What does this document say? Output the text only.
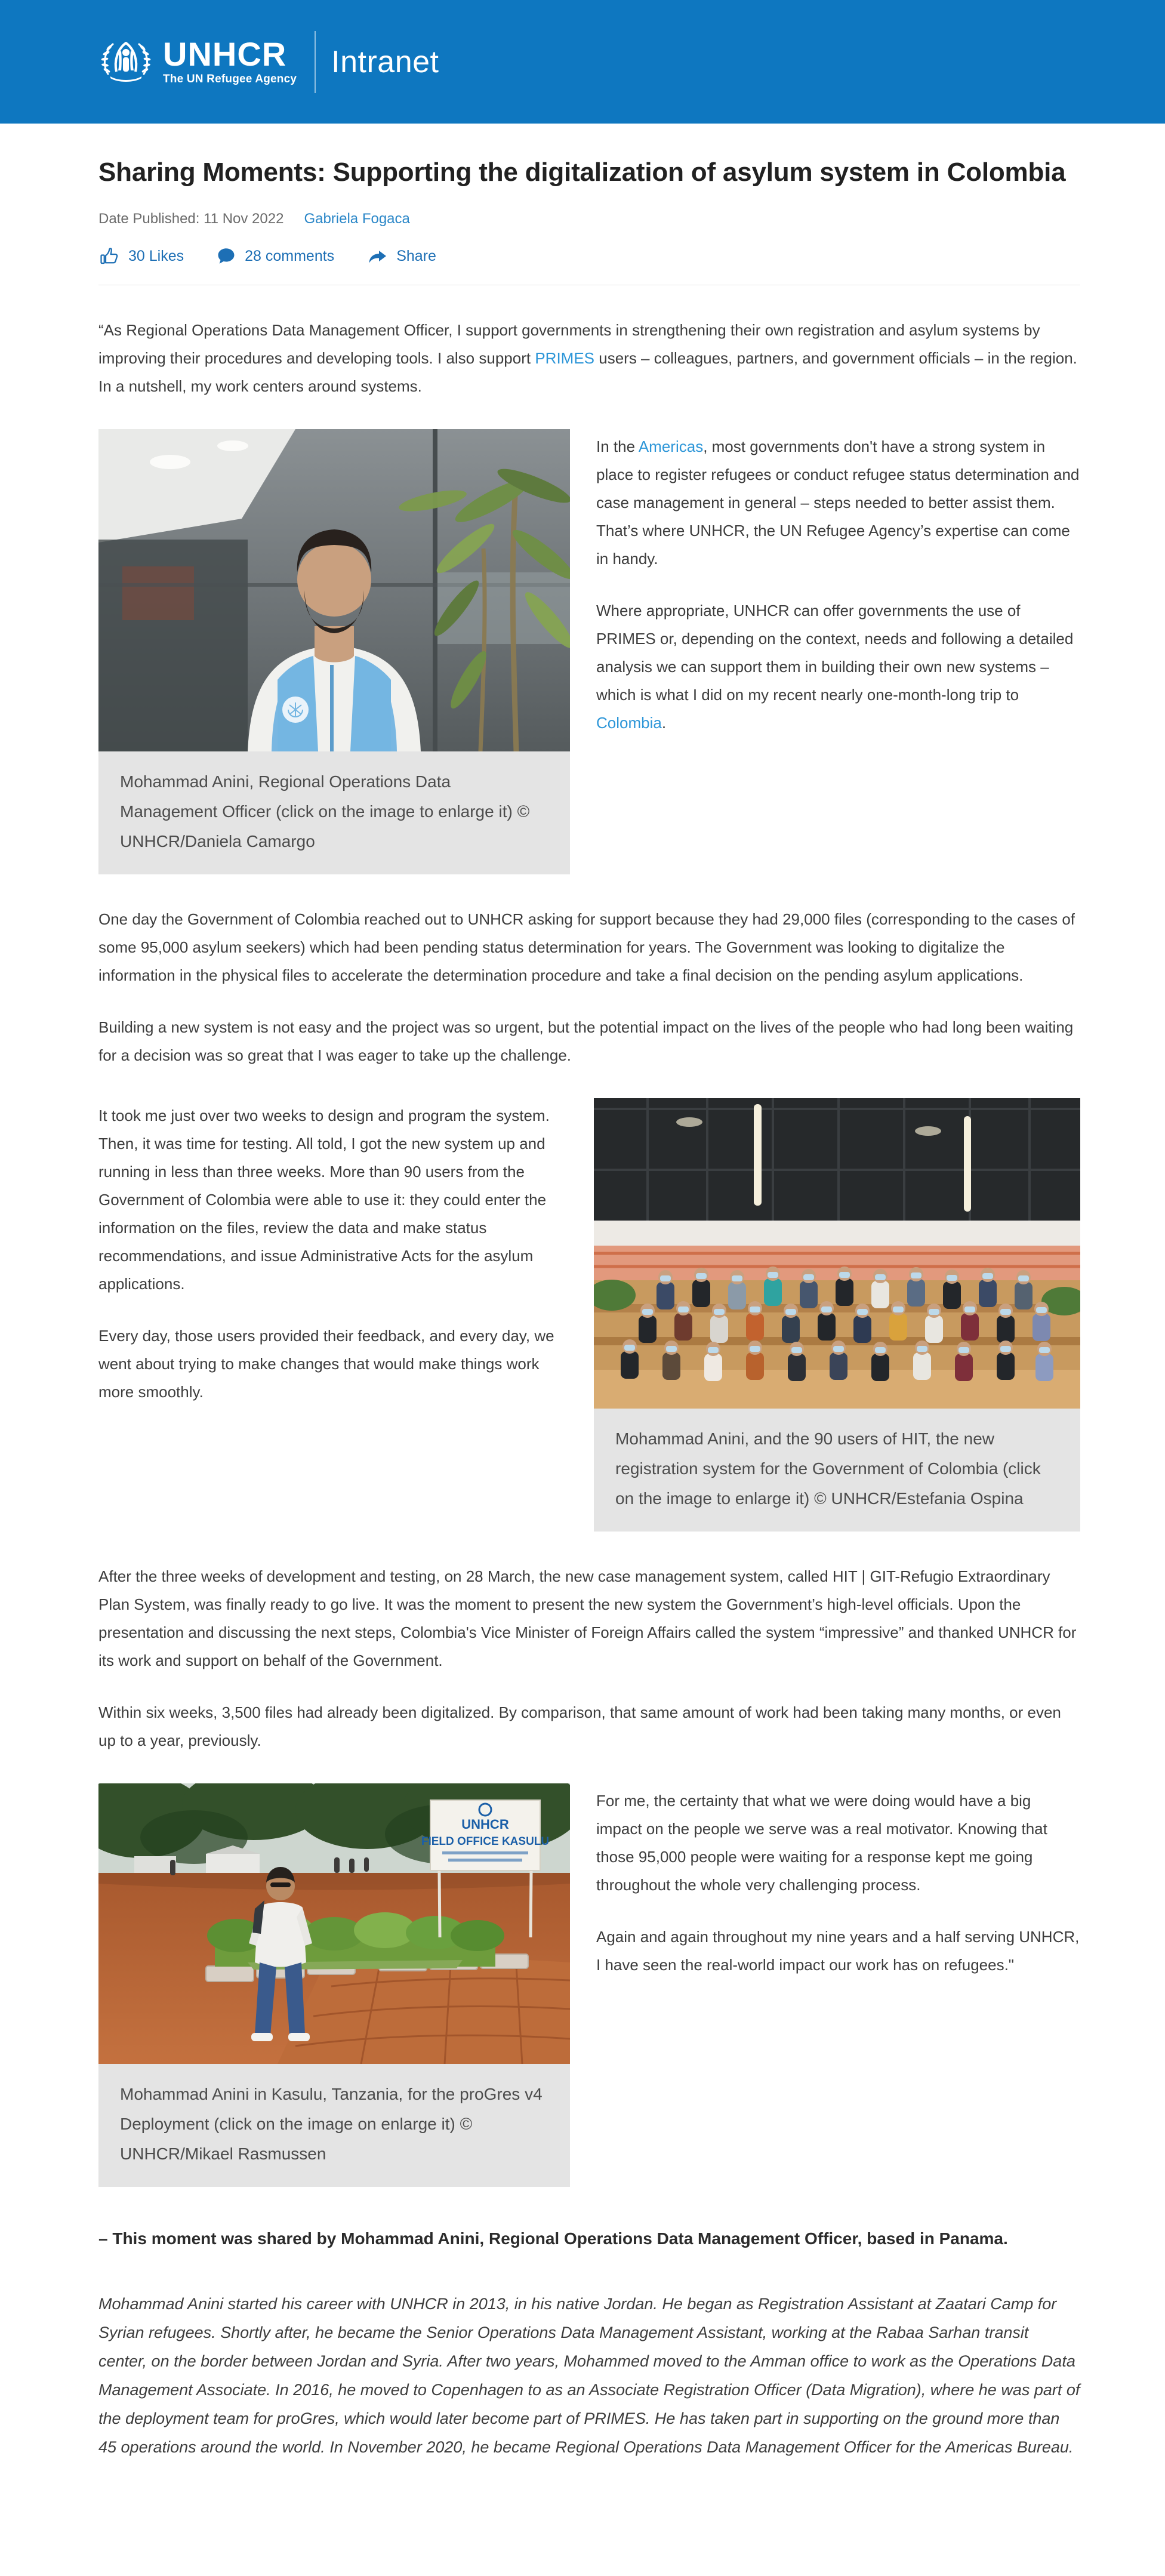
UNHCR
The UN Refugee Agency Intranet
Sharing Moments: Supporting the digitalization of asylum system in Colombia
Date Published: 11 Nov 2022 Gabriela Fogaca
30 Likes	28 comments	Share

“As Regional Operations Data Management Officer, I support governments in strengthening their own registration and asylum systems by improving their procedures and developing tools. I also support PRIMES users – colleagues, partners, and government officials – in the region. In a nutshell, my work centers around systems.

Mohammad Anini, Regional Operations Data Management Officer (click on the image to enlarge it) © UNHCR/Daniela Camargo

In the Americas, most governments don't have a strong system in place to register refugees or conduct refugee status determination and case management in general – steps needed to better assist them. That’s where UNHCR, the UN Refugee Agency’s expertise can come in handy.

Where appropriate, UNHCR can offer governments the use of PRIMES or, depending on the context, needs and following a detailed analysis we can support them in building their own new systems – which is what I did on my recent nearly one-month-long trip to Colombia.

One day the Government of Colombia reached out to UNHCR asking for support because they had 29,000 files (corresponding to the cases of some 95,000 asylum seekers) which had been pending status determination for years. The Government was looking to digitalize the information in the physical files to accelerate the determination procedure and take a final decision on the pending asylum applications.

Building a new system is not easy and the project was so urgent, but the potential impact on the lives of the people who had long been waiting for a decision was so great that I was eager to take up the challenge.

It took me just over two weeks to design and program the system. Then, it was time for testing. All told, I got the new system up and running in less than three weeks. More than 90 users from the Government of Colombia were able to use it: they could enter the information on the files, review the data and make status recommendations, and issue Administrative Acts for the asylum applications.

Every day, those users provided their feedback, and every day, we went about trying to make changes that would make things work more smoothly.

Mohammad Anini, and the 90 users of HIT, the new registration system for the Government of Colombia (click on the image to enlarge it) © UNHCR/Estefania Ospina

After the three weeks of development and testing, on 28 March, the new case management system, called HIT | GIT-Refugio Extraordinary Plan System, was finally ready to go live. It was the moment to present the new system the Government’s high-level officials. Upon the presentation and discussing the next steps, Colombia's Vice Minister of Foreign Affairs called the system “impressive” and thanked UNHCR for its work and support on behalf of the Government.

Within six weeks, 3,500 files had already been digitalized. By comparison, that same amount of work had been taking many months, or even up to a year, previously.

UNHCR
FIELD OFFICE KASULU
Mohammad Anini in Kasulu, Tanzania, for the proGres v4 Deployment (click on the image on enlarge it) © UNHCR/Mikael Rasmussen

For me, the certainty that what we were doing would have a big impact on the people we serve was a real motivator. Knowing that those 95,000 people were waiting for a response kept me going throughout the whole very challenging process.

Again and again throughout my nine years and a half serving UNHCR, I have seen the real-world impact our work has on refugees."

– This moment was shared by Mohammad Anini, Regional Operations Data Management Officer, based in Panama.

Mohammad Anini started his career with UNHCR in 2013, in his native Jordan. He began as Registration Assistant at Zaatari Camp for Syrian refugees. Shortly after, he became the Senior Operations Data Management Assistant, working at the Rabaa Sarhan transit center, on the border between Jordan and Syria. After two years, Mohammed moved to the Amman office to work as the Operations Data Management Associate. In 2016, he moved to Copenhagen to as an Associate Registration Officer (Data Migration), where he was part of the deployment team for proGres, which would later become part of PRIMES. He has taken part in supporting on the ground more than 45 operations around the world. In November 2020, he became Regional Operations Data Management Officer for the Americas Bureau.
